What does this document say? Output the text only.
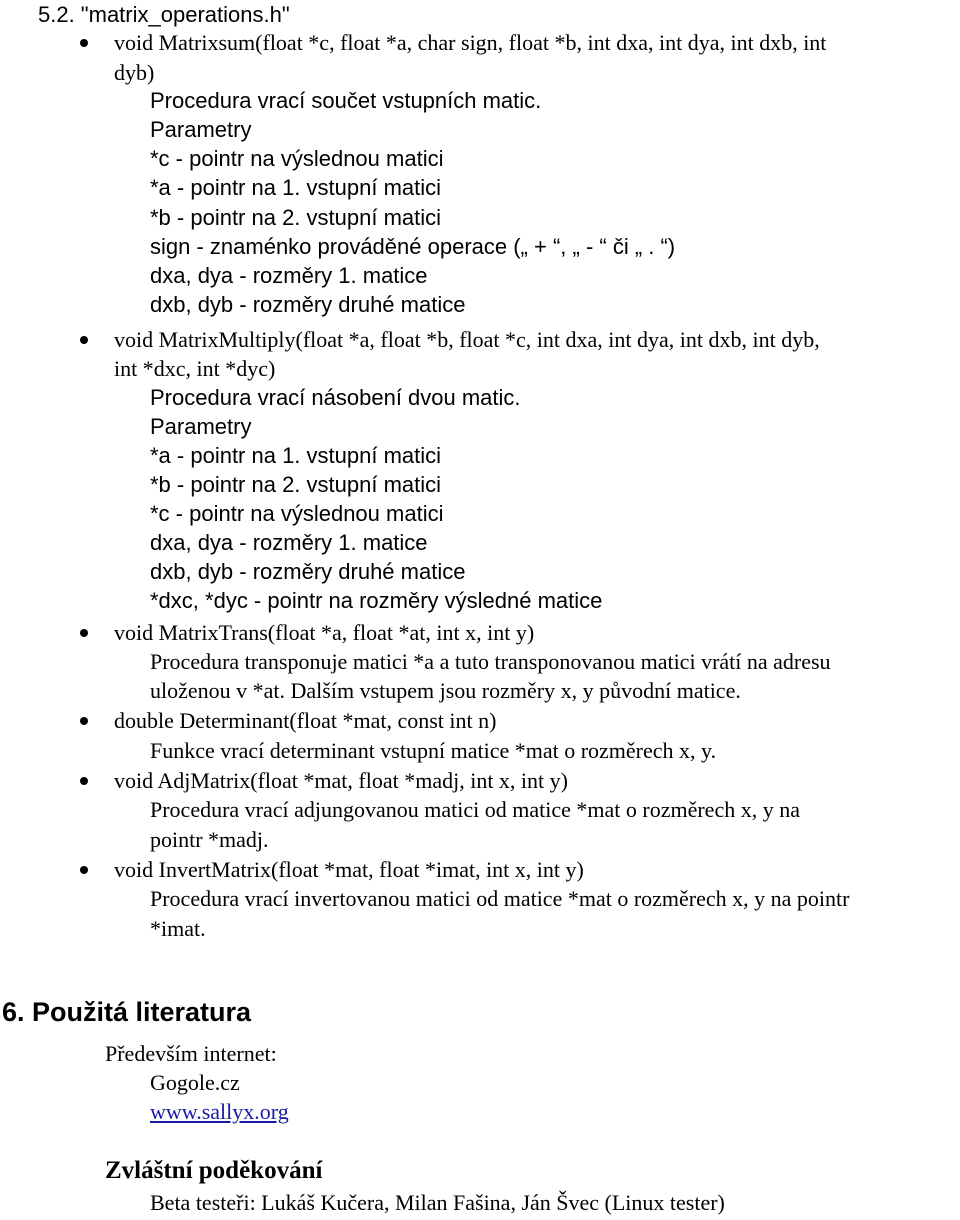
5.2. "matrix_operations.h"
void Matrixsum(float *c, float *a, char sign, float *b, int dxa, int dya, int dxb, int
dyb)
Procedura vrací součet vstupních matic.
Parametry
*c - pointr na výslednou matici
*a - pointr na 1. vstupní matici
*b - pointr na 2. vstupní matici
sign - znaménko prováděné operace („ + “, „ - “ či „ . “)
dxa, dya - rozměry 1. matice
dxb, dyb - rozměry druhé matice
void MatrixMultiply(float *a, float *b, float *c, int dxa, int dya, int dxb, int dyb,
int *dxc, int *dyc)
Procedura vrací násobení dvou matic.
Parametry
*a - pointr na 1. vstupní matici
*b - pointr na 2. vstupní matici
*c - pointr na výslednou matici
dxa, dya - rozměry 1. matice
dxb, dyb - rozměry druhé matice
*dxc, *dyc - pointr na rozměry výsledné matice
void MatrixTrans(float *a, float *at, int x, int y)
Procedura transponuje matici *a a tuto transponovanou matici vrátí na adresu
uloženou v *at. Dalším vstupem jsou rozměry x, y původní matice.
double Determinant(float *mat, const int n)
Funkce vrací determinant vstupní matice *mat o rozměrech x, y.
void AdjMatrix(float *mat, float *madj, int x, int y)
Procedura vrací adjungovanou matici od matice *mat o rozměrech x, y na
pointr *madj.
void InvertMatrix(float *mat, float *imat, int x, int y)
Procedura vrací invertovanou matici od matice *mat o rozměrech x, y na pointr
*imat.
6. Použitá literatura
Především internet:
Gogole.cz
www.sallyx.org
Zvláštní poděkování
Beta testeři: Lukáš Kučera, Milan Fašina, Ján Švec (Linux tester)
